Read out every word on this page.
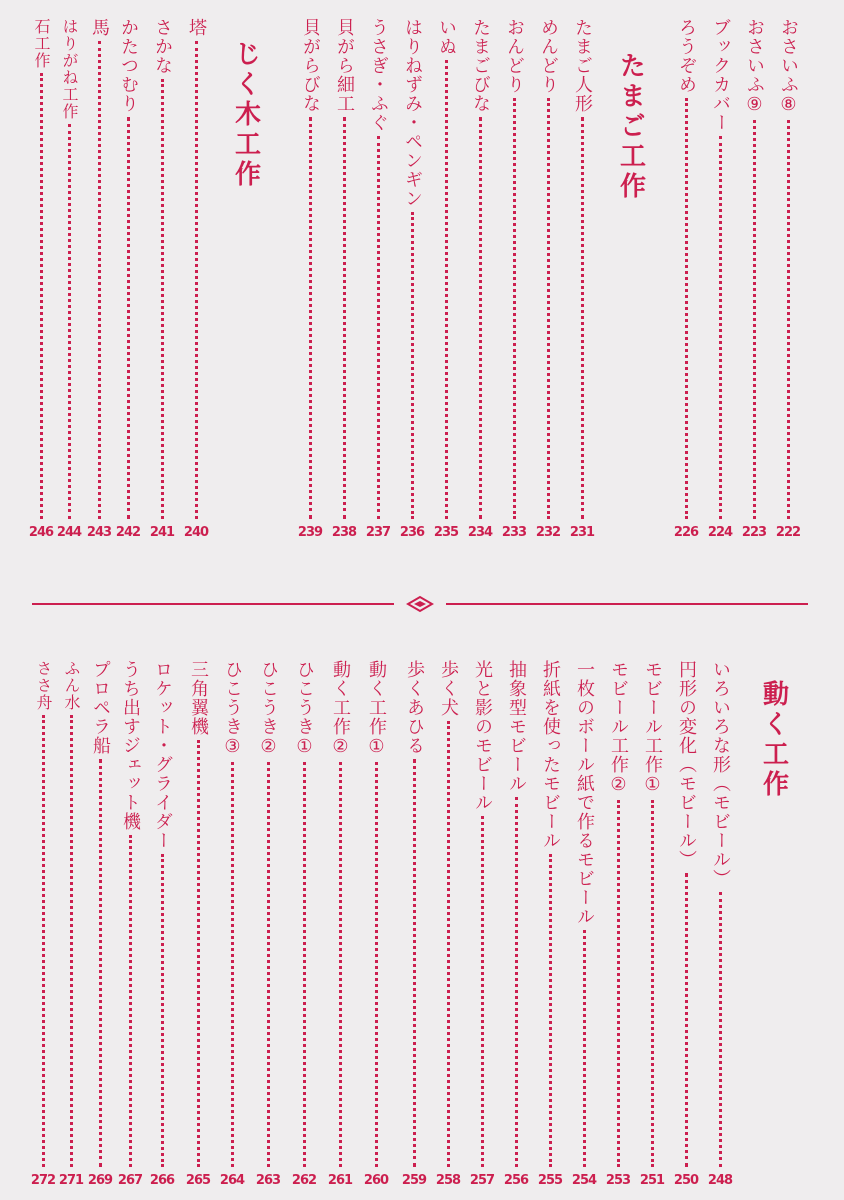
たまご工作
じく木工作	おさいふ⑧
222
おさいふ⑨
223
ブックカバー
224
ろうぞめ
226
たまご人形
231
めんどり
232
おんどり
233
たまごびな
234
いぬ
235
はりねずみ・ペンギン
236
うさぎ・ふぐ
237
貝がら細工
238
貝がらびな
239
塔
240
さかな
241
かたつむり
242
馬
243
はりがね工作
244
石工作
246
動く工作
いろいろな形（モビール）
248
円形の変化（モビール）
250
モビール工作①
251
モビール工作②
253
一枚のボール紙で作るモビール
254
折紙を使ったモビール
255
抽象型モビール
256
光と影のモビール
257
歩く犬
258
歩くあひる
259
動く工作①
260
動く工作②
261
ひこうき①
262
ひこうき②
263
ひこうき③
264
三角翼機
265
ロケット・グライダー
266
うち出すジェット機
267
プロペラ船
269
ふん水
271
ささ舟
272
